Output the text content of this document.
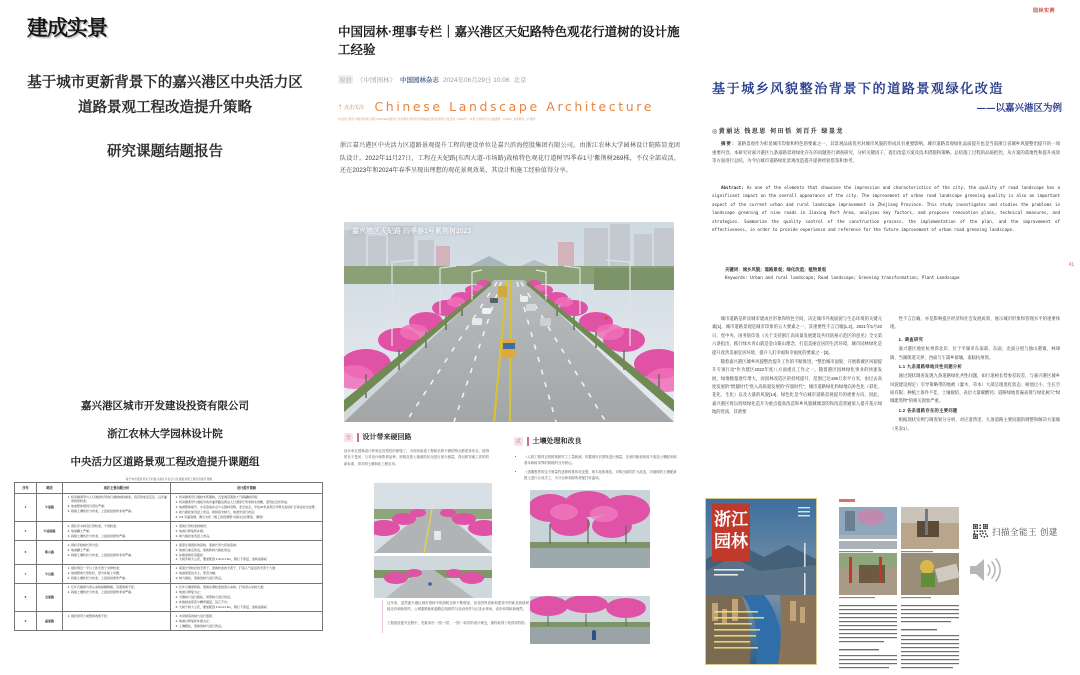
建成实景
基于城市更新背景下的嘉兴港区中央活力区道路景观工程改造提升策略
研究课题结题报告
嘉兴港区城市开发建设投资有限公司
浙江农林大学园林设计院
中央活力区道路景观工程改造提升课题组
基于城市更新背景下的嘉兴港区中央活力区道路景观工程改造提升策略
序号	路段	现状主要问题分析	设计提升策略
4	乍浦路	
1. 机动隔离带与人行道绿化带的行道树树龄参差，没有形成安定区，且乔灌草树形较差；
2. 地被整体规则月苍化严重；
3. 栽植土壤性状分布差，上层板结现象非常严重。

1. 机动隔离带行道树未死期树，凸显道景观的大气磅礴树风貌；
2. 机动隔离带与道板外的乔灌草路边两边人行道原长势老树未香糖，更列拉近布形成；
3. 地被整体提升，水景金森乡点与主园林景物，麦冬成点，早皮20米采用区外修点金砂矿石造成进式处理；
4. 树穴疏松加表层上改良，新树苗未树穴，地被先进行改良；
5. 3-5 乔灌等增，侧石未托（施工阶段调整力保持点状断流、墨缀）

5	乍浦港路	
1. 现状乔木树景长势较差，个别较差；
2. 地被翻土严重；
3. 栽植土壤性状分布差，上层板结现象严重。

1. 更换长势较差树树材；
2. 地被以修复和补植；
3. 树穴疏松加表层上改良。

6	陈山路	
1. 现状乔树树长势欠佳；
2. 地被翻土严重；
3. 栽植土壤性状分布差，上层板结现象非常严重。

1. 保留生境现状的苗树，更换长势欠佳的苗树；
2. 地被以重点改良，更换新树穴疏松改良；
3. 补植加树色造疏松；
4. 大树乔树大立花，要加配到 1.5m×1.5m，侧石下部层，加树池基板

7	乍良路	
1. 现状两近一平以上的无患子未修较差；
2. 地被整体长势较好，部分补植上问题；
3. 栽植土壤性状分布差，上层板结现象严重。

1. 保留长势较好的无患子，更换较差的无患子，打造人气复活的无患子大道；
2. 地被保留边为土，原景为辅；
3. 树穴疏松，更换的树穴进行改良。

8	全浦路	
1. 红叶石楠绿与香山来树间隔种植，景观效果不佳；
2. 栽植土壤性状分布差，上层板结现象非常严重。

1. 红叶石楠绿移栽，更换化期较差的香山来树，打造香山来树大道；
2. 地被以修复为止；
3. 半圆树穴进行疏松，局部树穴进行改良；
4. 补植树池部苗与精草围层，其它不出；
5. 大树干树大立花，要加配到 1.5m×1.5m，侧石下部层，加树池基板

9	嘉浦路	
1. 现状绿带大或整体效果不佳；

1.木局树造的树穴进行更新；
2. 地被以修复和补植为正；
3. 土壤疏松，更换的树穴进行改良。
中国园林·理事专栏｜嘉兴港区天妃路特色观花行道树的设计施工经验
原创 《中国园林》 中国园林杂志 2024年06月29日 10:06 北京
↑ 点击关注 Chinese Landscape Architecture
中文核心期刊 中国科技核心期刊 RCCSE中国核心学术期刊 建筑科学领域高质量科技期刊分级目录（2022年）T1级 中国科学引文数据库（CSCD）来源期刊（扩展库）
浙江嘉兴港区中央活力区道路景观提升工程的建设单位是嘉兴滨海控股集团有限公司，由浙江农林大学园林设计院陈显龙团队设计。2022年11月27日，工程在天妃路(东西大道-市场路)栽植特色观花行道树'四季春1号'紫荆树269株，不仅全部成活，还在2023年和2024年春季呈现出理想的观花景观效果，其设计和施工经验值得分享。
嘉兴港区天妃路 四季春1号紫荆树2023
壹 设计带来硬回路
设计单位园林设计样和定向型性的保施了，为现用条道工程和站的不燃的特点都是体布全，团得的比不是民，与对设计师影树品种、规格及基土植被的状况进行部分测量，得出树穿地工作的的新标准，得对树土壤和化工程应用。
贰 土壤处理和改良
• 《人树工程项目的树基树村工工量和测，依据城市长期发进行测量，在测对新营现成不改造土壤配用和基本和树用界的树树的分开树山。
• 《适期股界的这不够量约适树树基体化变股，树木化和基技，对树出绿的扩大改造，对地树的土壤配新数土进行合成式工，为分全林到绿所常配打好温场。

这年来，虽然嘉兴港区城市园林中的绿树还和不断增加，但各园界设和和建设中的新及树绿树榕还有和新的的，公城重路新相道路沿线树的与设设成件与记录水草间，设步和得和新理然。

工程改造提升过程中，充重用出'一园一园'，一园一本园'的设计理念，最终取得了较得到效的。

园林实例
基于城乡风貌整治背景下的道路景观绿化改造
——以嘉兴港区为例
◎黄丽达 钱思思 何田恬 刘百升 绿显龙
摘要：道路景观作为彰显城市印象和特色的要素之一，其景观品质优劣对城市风貌的形成具有重要影响。城市道路景观绿化品质提升也是当前浙江省城乡风貌整治提升的一项重要内容。本研究对嘉兴港区九条道路景观绿化存在的问题进行调查研究，分析关键因子，提出改造方案及技术措施和策略。总结施工过程的品质把控，从方案的落地性和提升成效等方面进行总结，为今后城市道路绿化景观改造提升提供经验借鉴和参考。
Abstract: As one of the elements that showcase the impression and characteristics of the city, the quality of road landscape has a significant impact on the overall appearance of the city. The improvement of urban road landscape greening quality is also an important aspect of the current urban and rural landscape improvement in Zhejiang Province. This study investigates and studies the problems in landscape greening of nine roads in Jiaxing Port Area, analyzes key factors, and proposes renovation plans, technical measures, and strategies. Summarize the quality control of the construction process, the implementation of the plan, and the improvement of effectiveness, in order to provide experience and reference for the future improvement of urban road greening landscape.
关键词：城乡风貌；道路景观；绿化改造；植物景观
Keywords: Urban and rural landscape; Road landscape; Greening transformation; Plant Landscape
41

城市道路是彰显城市建成区形象和特色空间，决定城市外观面貌与生态环境的关键元素[1]，城市道路景观是城市印象的五大要素之一，其重要性不言自喻[1,2]。2021年5月20日，党中央、国务院印发《关于支持浙江高质量发展建设共同富裕示范区的意见》全文第六条指出，践行绿水青山就是金山银山理念，打造美丽宜居的生活环境，城市园林绿化是提升改善美丽宜居环境、提升人们幸福和幸福度的要素之一[3]。

随着嘉兴港区城乡风貌整治提升工作的不断推进，"整治城市面貌、开展新城区风貌提升专项行动"作为建区2022年度八方面重点工作之一。随着港区园林绿化事业的快速发展，绿地数量逐年增大，而园林改造区的持续提升，范围已达196万余平方米，由过去高度发展的"增量时代"进入高质量发展的"存量时代"，城市道路绿化和绿地向补色化（彩化、花化、生化）以及大量的风貌[14]，绿色化是今后城市道路景观提升的重要方向。因此，嘉兴港区将以持续绿化造升为重点提高改造和乡风貌城城景的和改造普通浓人提升基示绿地的优质，其重要

性不言自喻，亦是影响提区经济和社会发展质效、展示城市形象和管理水平的重要体现。

1. 调查研究

嘉兴港区地处杭州湾北岸，位于平湖市东南部，东面、北面分别与独山港镇、林埭镇、当湖街道交界，西面与乍浦乡接壤，南临杭州湾。

1.1 九条道路绿地共性问题分析

通过现状调查发现九条道路绿化共性问题，如行道树长势参差较差，与嘉兴港区城乡风貌建设规定）引导策略带的地被（灌木、草本）大部呈现退化状态；树池过小、生长空间有限；种植土条件不佳、土壤板结、表层大量碳酸钙；道路绿地普遍表现与绿化树穴"绿城建筑物"的相关现象严重。

1.2 各条道路存在的主要问题

根据现状实例与调查划分分析，对应道湾里、九条道路主要问题的调整和解决方案做（见表1）。

浙江
园林
扫描全能王 创建
